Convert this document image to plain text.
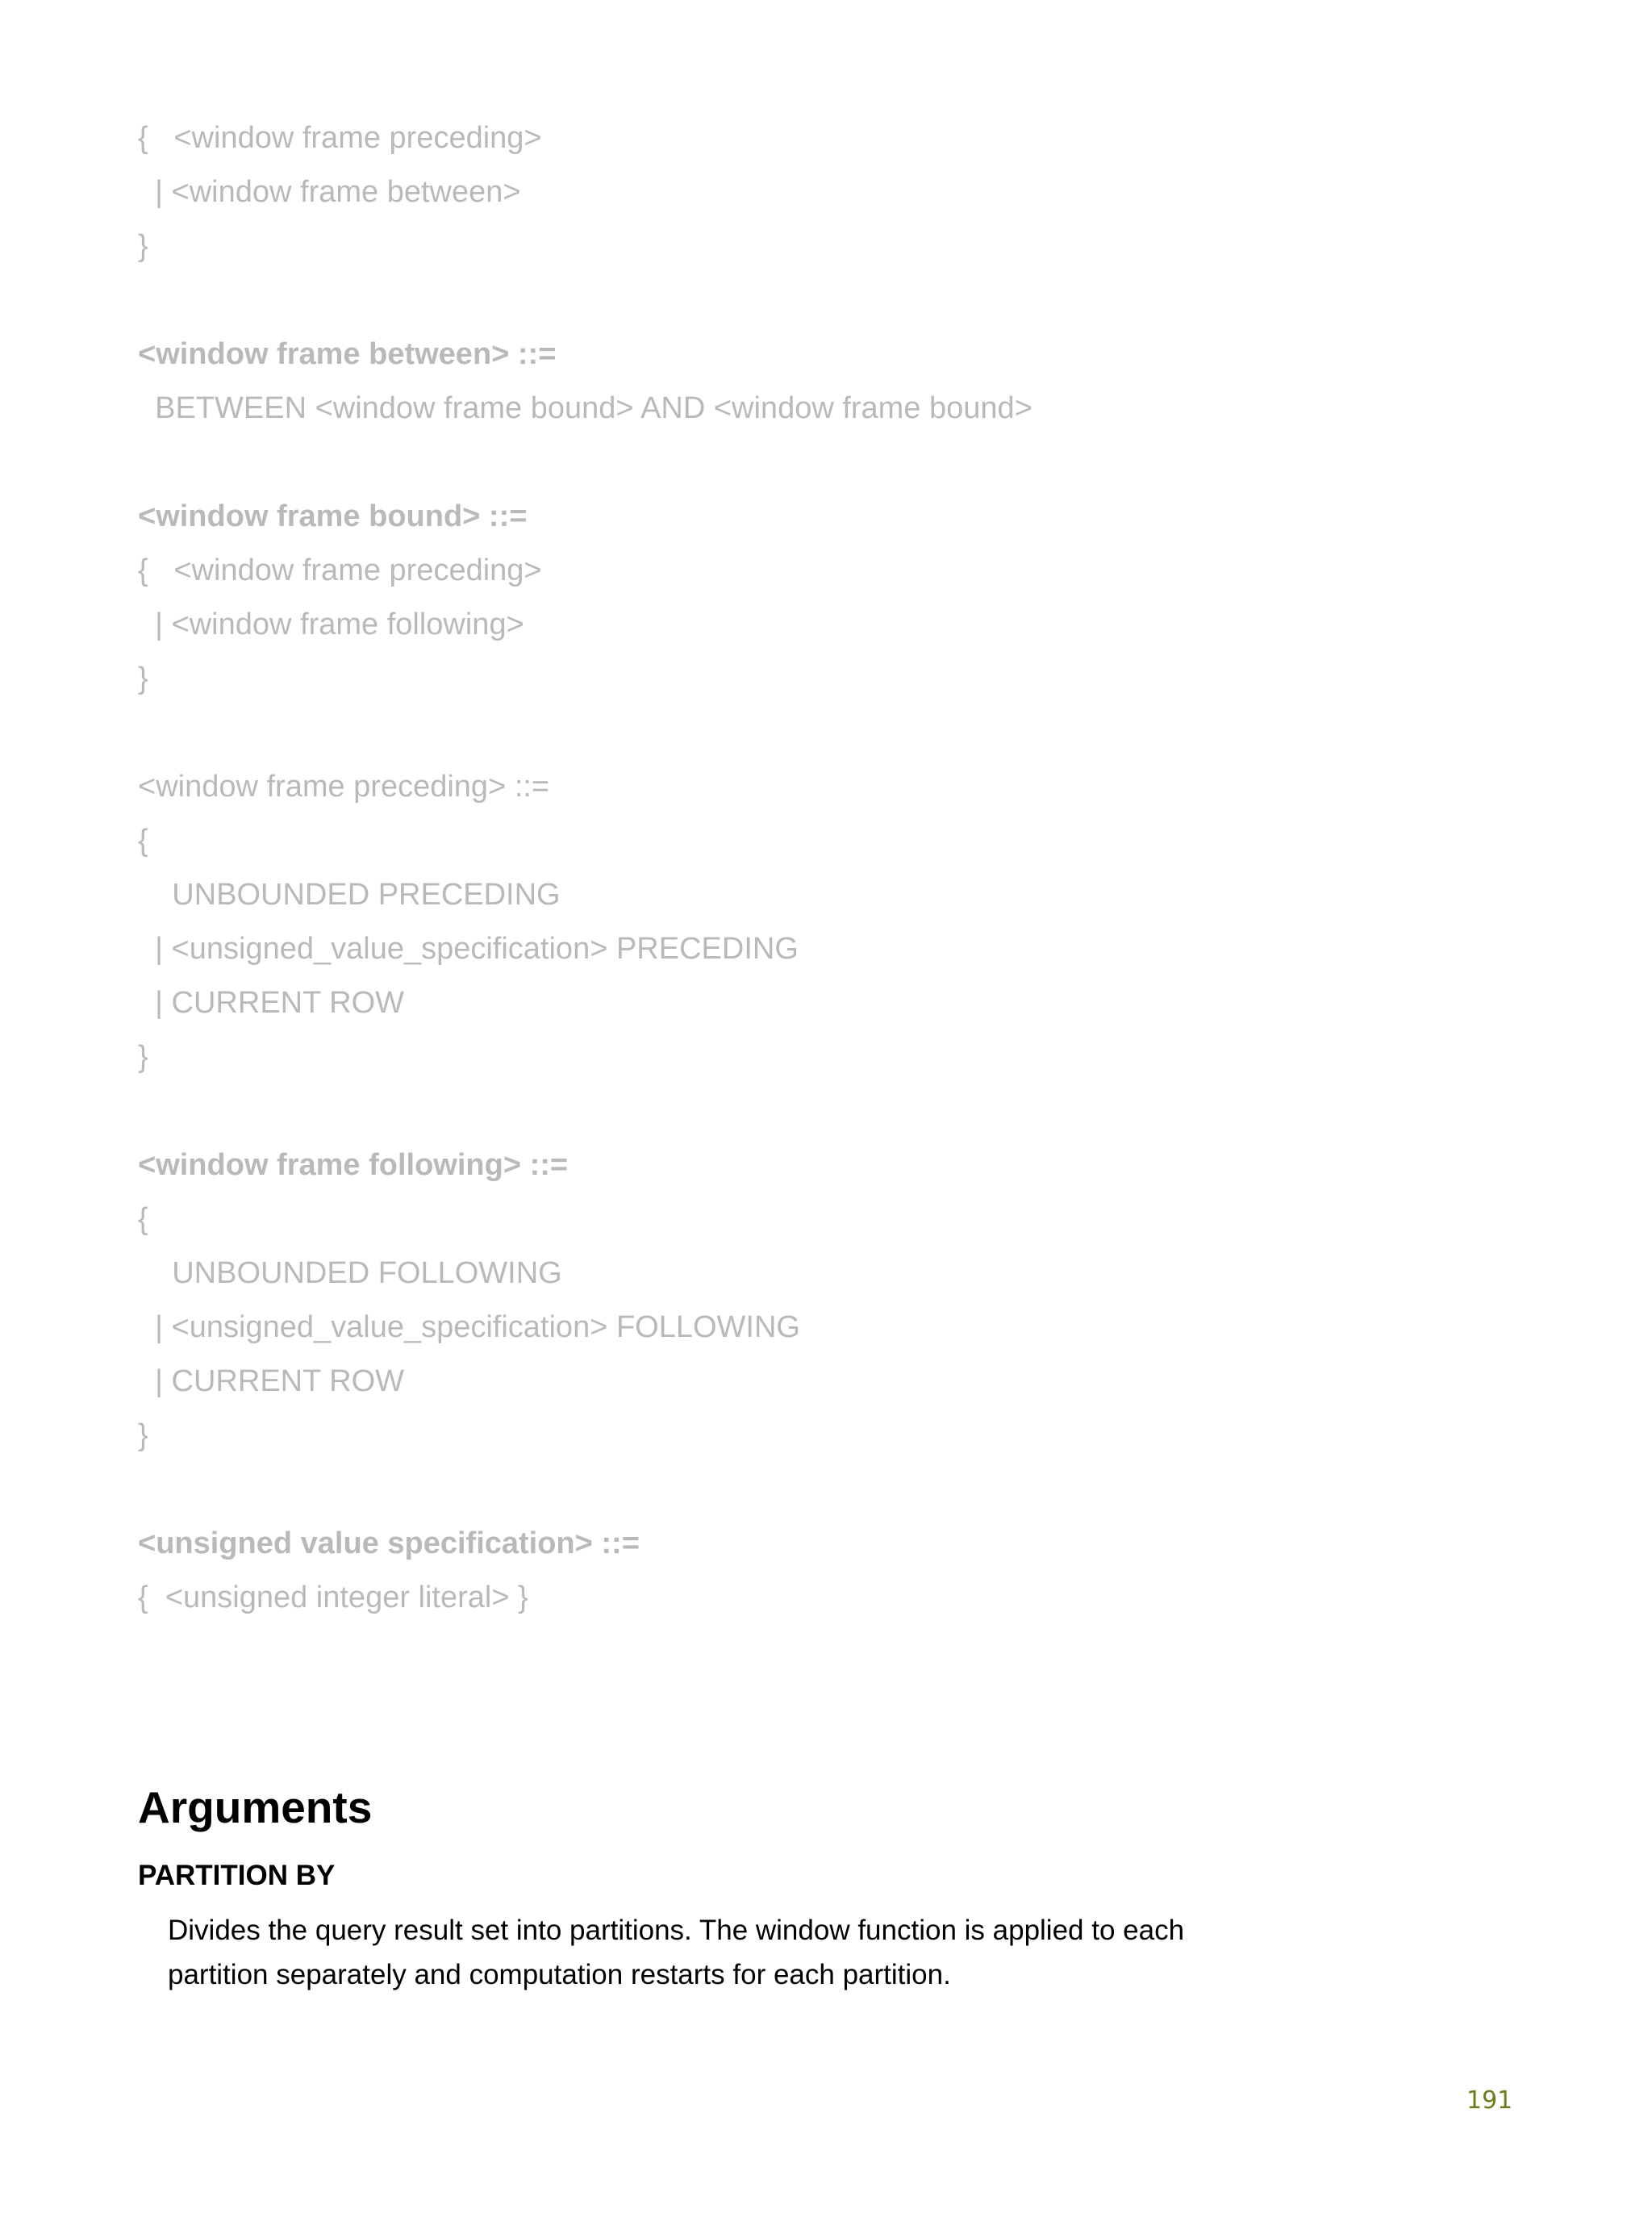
{   <window frame preceding>
| <window frame between>
}
<window frame between> ::=
BETWEEN <window frame bound> AND <window frame bound>
<window frame bound> ::=
{   <window frame preceding>
| <window frame following>
}
<window frame preceding> ::=
{
UNBOUNDED PRECEDING
| <unsigned_value_specification> PRECEDING
| CURRENT ROW
}
<window frame following> ::=
{
UNBOUNDED FOLLOWING
| <unsigned_value_specification> FOLLOWING
| CURRENT ROW
}
<unsigned value specification> ::=
{  <unsigned integer literal> }
Arguments
PARTITION BY

Divides the query result set into partitions. The window function is applied to each
partition separately and computation restarts for each partition.

191
